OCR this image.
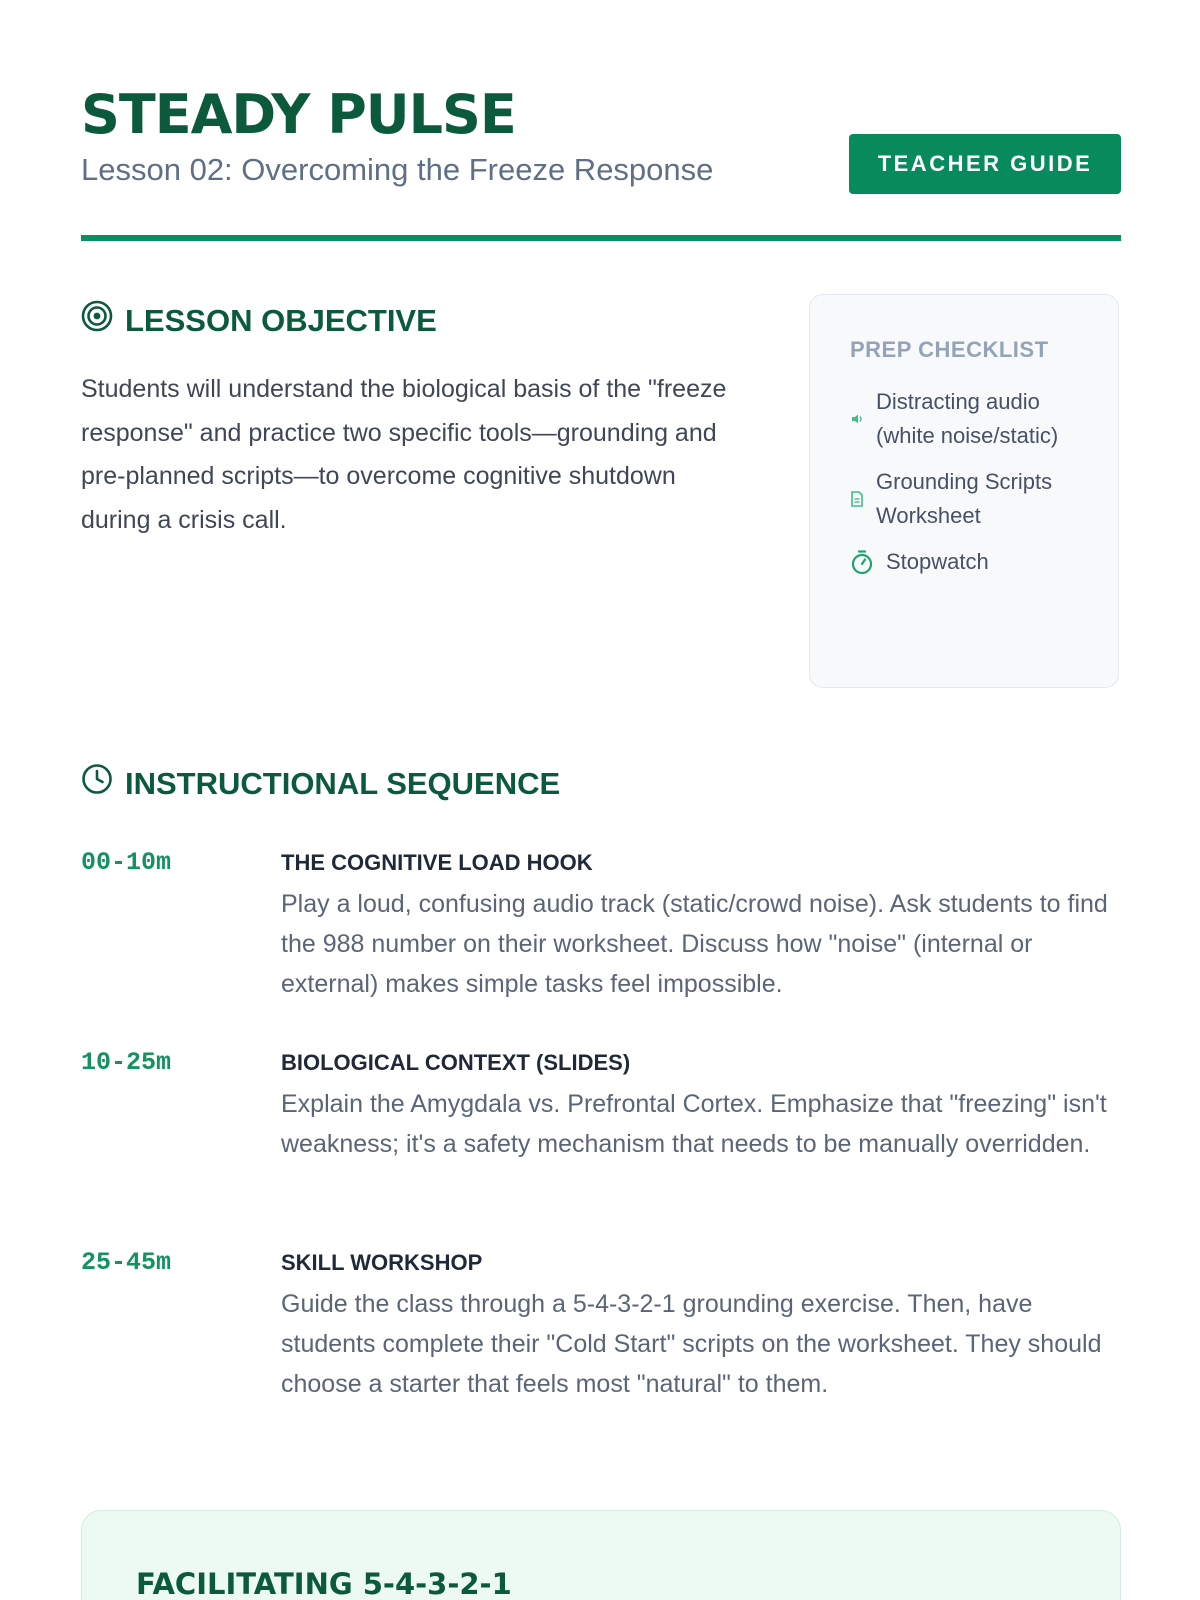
STEADY PULSE
Lesson 02: Overcoming the Freeze Response	TEACHER GUIDE
LESSON OBJECTIVE

Students will understand the biological basis of the "freeze response" and practice two specific tools—grounding and pre-planned scripts—to overcome cognitive shutdown during a crisis call.

PREP CHECKLIST
Distracting audio (white noise/static)
Grounding Scripts Worksheet
Stopwatch
INSTRUCTIONAL SEQUENCE
00-10m	THE COGNITIVE LOAD HOOK

Play a loud, confusing audio track (static/crowd noise). Ask students to find the 988 number on their worksheet. Discuss how "noise" (internal or external) makes simple tasks feel impossible.

10-25m	BIOLOGICAL CONTEXT (SLIDES)

Explain the Amygdala vs. Prefrontal Cortex. Emphasize that "freezing" isn't weakness; it's a safety mechanism that needs to be manually overridden.

25-45m	SKILL WORKSHOP

Guide the class through a 5-4-3-2-1 grounding exercise. Then, have students complete their "Cold Start" scripts on the worksheet. They should choose a starter that feels most "natural" to them.

FACILITATING 5-4-3-2-1
